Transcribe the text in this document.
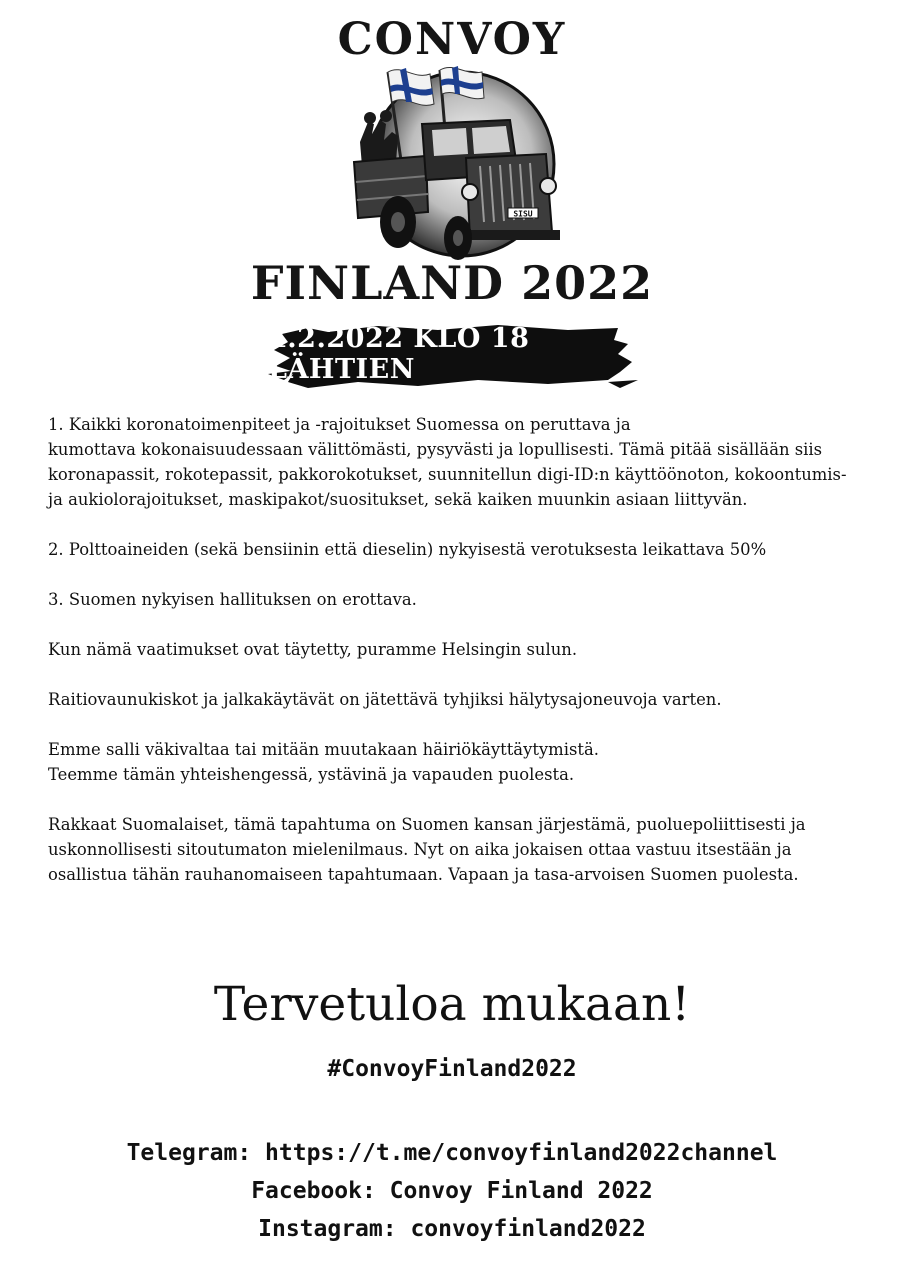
CONVOY
SISU
FINLAND 2022
4.2.2022 KLO 18 LÄHTIEN

1. Kaikki koronatoimenpiteet ja -rajoitukset Suomessa on peruttava ja
kumottava kokonaisuudessaan välittömästi, pysyvästi ja lopullisesti. Tämä pitää sisällään siis koronapassit, rokotepassit, pakkorokotukset, suunnitellun digi-ID:n käyttöönoton, kokoontumis- ja aukiolorajoitukset, maskipakot/suositukset, sekä kaiken muunkin asiaan liittyvän.

2. Polttoaineiden (sekä bensiinin että dieselin) nykyisestä verotuksesta leikattava 50%

3. Suomen nykyisen hallituksen on erottava.

Kun nämä vaatimukset ovat täytetty, puramme Helsingin sulun.

Raitiovaunukiskot ja jalkakäytävät on jätettävä tyhjiksi hälytysajoneuvoja varten.

Emme salli väkivaltaa tai mitään muutakaan häiriökäyttäytymistä.
Teemme tämän yhteishengessä, ystävinä ja vapauden puolesta.

Rakkaat Suomalaiset, tämä tapahtuma on Suomen kansan järjestämä, puoluepoliittisesti ja uskonnollisesti sitoutumaton mielenilmaus. Nyt on aika jokaisen ottaa vastuu itsestään ja osallistua tähän rauhanomaiseen tapahtumaan. Vapaan ja tasa-arvoisen Suomen puolesta.

Tervetuloa mukaan!
#ConvoyFinland2022
Telegram: https://t.me/convoyfinland2022channel
Facebook: Convoy Finland 2022
Instagram: convoyfinland2022
